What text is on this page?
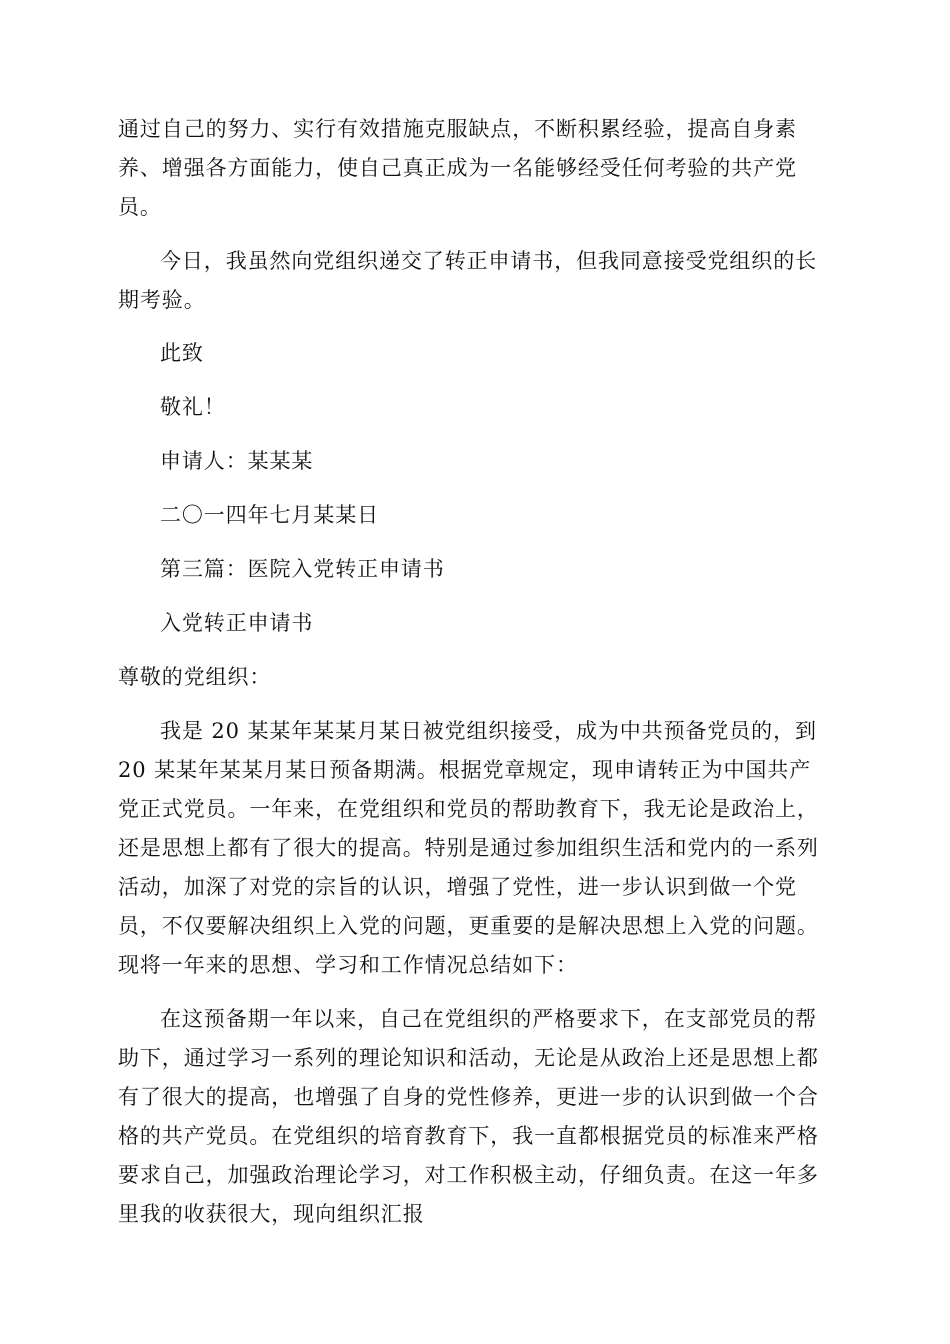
通过自己的努力、实行有效措施克服缺点，不断积累经验，提高自身素
养、增强各方面能力，使自己真正成为一名能够经受任何考验的共产党
员。
今日，我虽然向党组织递交了转正申请书，但我同意接受党组织的长
期考验。
此致
敬礼！
申请人：某某某
二〇一四年七月某某日
第三篇：医院入党转正申请书
入党转正申请书
尊敬的党组织：
我是 20 某某年某某月某日被党组织接受，成为中共预备党员的，到
20 某某年某某月某日预备期满。根据党章规定，现申请转正为中国共产
党正式党员。一年来，在党组织和党员的帮助教育下，我无论是政治上，
还是思想上都有了很大的提高。特别是通过参加组织生活和党内的一系列
活动，加深了对党的宗旨的认识，增强了党性，进一步认识到做一个党
员，不仅要解决组织上入党的问题，更重要的是解决思想上入党的问题。
现将一年来的思想、学习和工作情况总结如下：
在这预备期一年以来，自己在党组织的严格要求下，在支部党员的帮
助下，通过学习一系列的理论知识和活动，无论是从政治上还是思想上都
有了很大的提高，也增强了自身的党性修养，更进一步的认识到做一个合
格的共产党员。在党组织的培育教育下，我一直都根据党员的标准来严格
要求自己，加强政治理论学习，对工作积极主动，仔细负责。在这一年多
里我的收获很大，现向组织汇报
